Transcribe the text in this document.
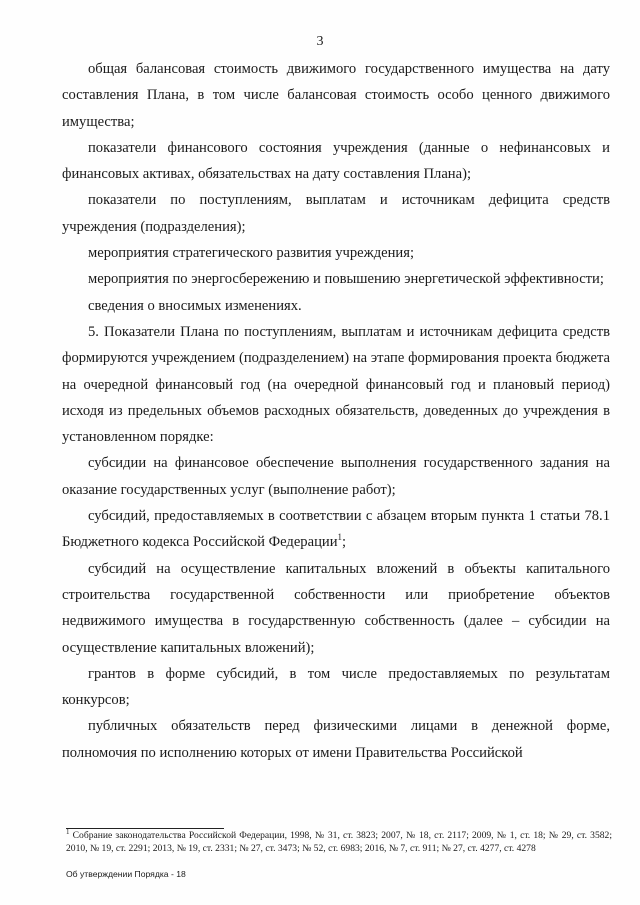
3

общая балансовая стоимость движимого государственного имущества на дату составления Плана, в том числе балансовая стоимость особо ценного движимого имущества;

показатели финансового состояния учреждения (данные о нефинансовых и финансовых активах, обязательствах на дату составления Плана);

показатели по поступлениям, выплатам и источникам дефицита средств учреждения (подразделения);

мероприятия стратегического развития учреждения;

мероприятия по энергосбережению и повышению энергетической эффективности;

сведения о вносимых изменениях.

5. Показатели Плана по поступлениям, выплатам и источникам дефицита средств формируются учреждением (подразделением) на этапе формирования проекта бюджета на очередной финансовый год (на очередной финансовый год и плановый период) исходя из предельных объемов расходных обязательств, доведенных до учреждения в установленном порядке:

субсидии на финансовое обеспечение выполнения государственного задания на оказание государственных услуг (выполнение работ);

субсидий, предоставляемых в соответствии с абзацем вторым пункта 1 статьи 78.1 Бюджетного кодекса Российской Федерации$^1$;

субсидий на осуществление капитальных вложений в объекты капитального строительства государственной собственности или приобретение объектов недвижимого имущества в государственную собственность (далее – субсидии на осуществление капитальных вложений);

грантов в форме субсидий, в том числе предоставляемых по результатам конкурсов;

публичных обязательств перед физическими лицами в денежной форме, полномочия по исполнению которых от имени Правительства Российской

$^1$ Собрание законодательства Российской Федерации, 1998, № 31, ст. 3823; 2007, № 18, ст. 2117; 2009, № 1, ст. 18; № 29, ст. 3582; 2010, № 19, ст. 2291; 2013, № 19, ст. 2331; № 27, ст. 3473; № 52, ст. 6983; 2016, № 7, ст. 911; № 27, ст. 4277, ст. 4278
Об утверждении Порядка - 18
